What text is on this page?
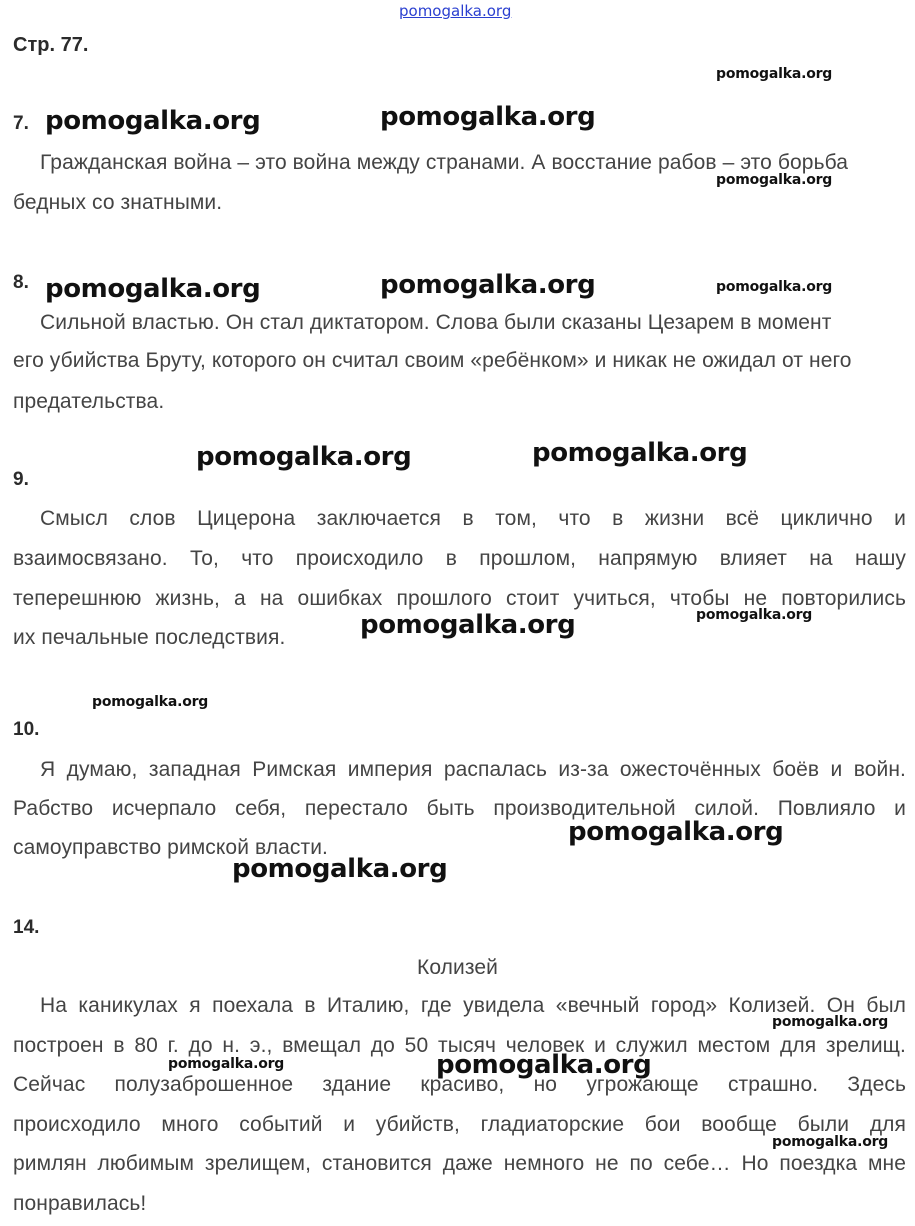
pomogalka.org
Стр. 77.
7.
Гражданская война – это война между странами. А восстание рабов – это борьба
бедных со знатными.
8.
Сильной властью. Он стал диктатором. Слова были сказаны Цезарем в момент
его убийства Бруту, которого он считал своим «ребёнком» и никак не ожидал от него
предательства.
9.
Смысл слов Цицерона заключается в том, что в жизни всё циклично и
взаимосвязано. То, что происходило в прошлом, напрямую влияет на нашу
теперешнюю жизнь, а на ошибках прошлого стоит учиться, чтобы не повторились
их печальные последствия.
10.
Я думаю, западная Римская империя распалась из-за ожесточённых боёв и войн.
Рабство исчерпало себя, перестало быть производительной силой. Повлияло и
самоуправство римской власти.
14.
Колизей
На каникулах я поехала в Италию, где увидела «вечный город» Колизей. Он был
построен в 80 г. до н. э., вмещал до 50 тысяч человек и служил местом для зрелищ.
Сейчас полузаброшенное здание красиво, но угрожающе страшно. Здесь
происходило много событий и убийств, гладиаторские бои вообще были для
римлян любимым зрелищем, становится даже немного не по себе… Но поездка мне
понравилась!
pomogalka.org
pomogalka.org	pomogalka.org
pomogalka.org
pomogalka.org	pomogalka.org	pomogalka.org
pomogalka.org	pomogalka.org
pomogalka.org	pomogalka.org
pomogalka.org
pomogalka.org
pomogalka.org
pomogalka.org
pomogalka.org
pomogalka.org
pomogalka.org
